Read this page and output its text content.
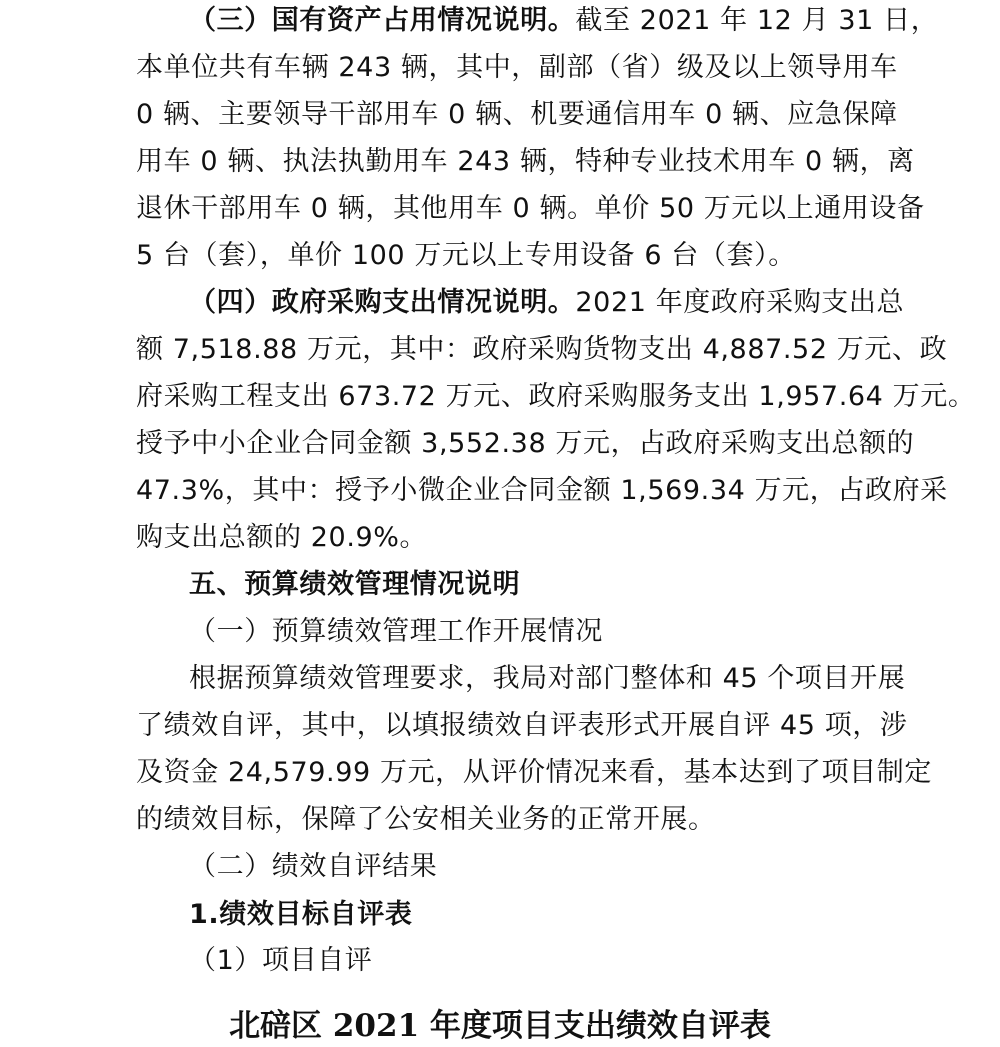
（三）国有资产占用情况说明。截至 2021 年 12 月 31 日，
本单位共有车辆 243 辆，其中，副部（省）级及以上领导用车
0 辆、主要领导干部用车 0 辆、机要通信用车 0 辆、应急保障
用车 0 辆、执法执勤用车 243 辆，特种专业技术用车 0 辆，离
退休干部用车 0 辆，其他用车 0 辆。单价 50 万元以上通用设备
5 台（套），单价 100 万元以上专用设备 6 台（套）。
（四）政府采购支出情况说明。2021 年度政府采购支出总
额 7,518.88 万元，其中：政府采购货物支出 4,887.52 万元、政
府采购工程支出 673.72 万元、政府采购服务支出 1,957.64 万元。
授予中小企业合同金额 3,552.38 万元，占政府采购支出总额的
47.3%，其中：授予小微企业合同金额 1,569.34 万元，占政府采
购支出总额的 20.9%。
五、预算绩效管理情况说明
（一）预算绩效管理工作开展情况
根据预算绩效管理要求，我局对部门整体和 45 个项目开展
了绩效自评，其中，以填报绩效自评表形式开展自评 45 项，涉
及资金 24,579.99 万元，从评价情况来看，基本达到了项目制定
的绩效目标，保障了公安相关业务的正常开展。
（二）绩效自评结果
1.绩效目标自评表
（1）项目自评
北碚区 2021 年度项目支出绩效自评表
